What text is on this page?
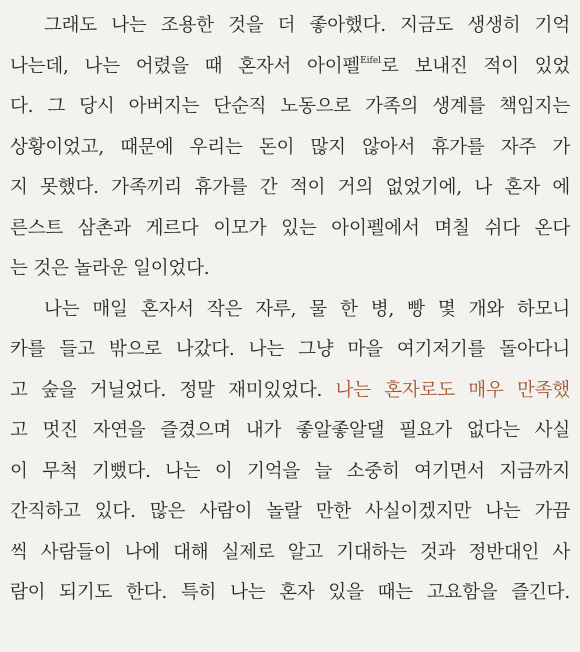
그래도 나는 조용한 것을 더 좋아했다. 지금도 생생히 기억
나는데, 나는 어렸을 때 혼자서 아이펠$^{Eifel}$로 보내진 적이 있었
다. 그 당시 아버지는 단순직 노동으로 가족의 생계를 책임지는
상황이었고, 때문에 우리는 돈이 많지 않아서 휴가를 자주 가
지 못했다. 가족끼리 휴가를 간 적이 거의 없었기에, 나 혼자 에
른스트 삼촌과 게르다 이모가 있는 아이펠에서 며칠 쉬다 온다
는 것은 놀라운 일이었다.
나는 매일 혼자서 작은 자루, 물 한 병, 빵 몇 개와 하모니
카를 들고 밖으로 나갔다. 나는 그냥 마을 여기저기를 돌아다니
고 숲을 거닐었다. 정말 재미있었다. 나는 혼자로도 매우 만족했
고 멋진 자연을 즐겼으며 내가 좋알좋알댈 필요가 없다는 사실
이 무척 기뻤다. 나는 이 기억을 늘 소중히 여기면서 지금까지
간직하고 있다. 많은 사람이 놀랄 만한 사실이겠지만 나는 가끔
씩 사람들이 나에 대해 실제로 알고 기대하는 것과 정반대인 사
람이 되기도 한다. 특히 나는 혼자 있을 때는 고요함을 즐긴다.
